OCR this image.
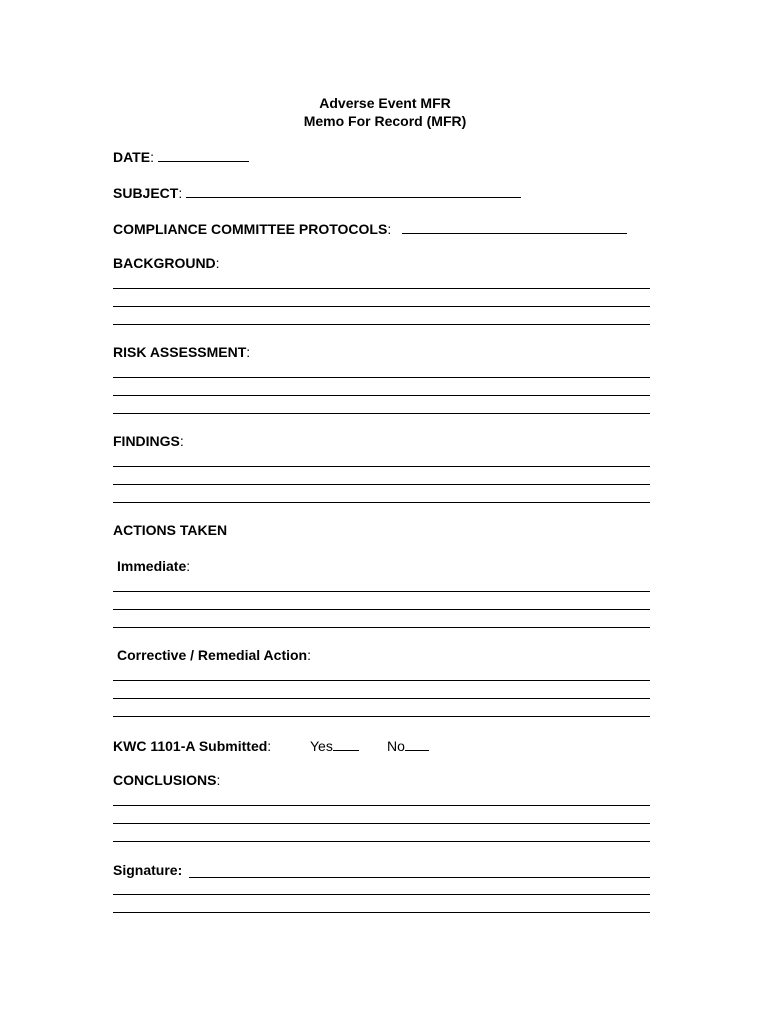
Adverse Event MFR
Memo For Record (MFR)
DATE:
SUBJECT:
COMPLIANCE COMMITTEE PROTOCOLS:
BACKGROUND:
RISK ASSESSMENT:
FINDINGS:
ACTIONS TAKEN
Immediate:
Corrective / Remedial Action:
KWC 1101-A Submitted:	Yes	No
CONCLUSIONS:
Signature:
